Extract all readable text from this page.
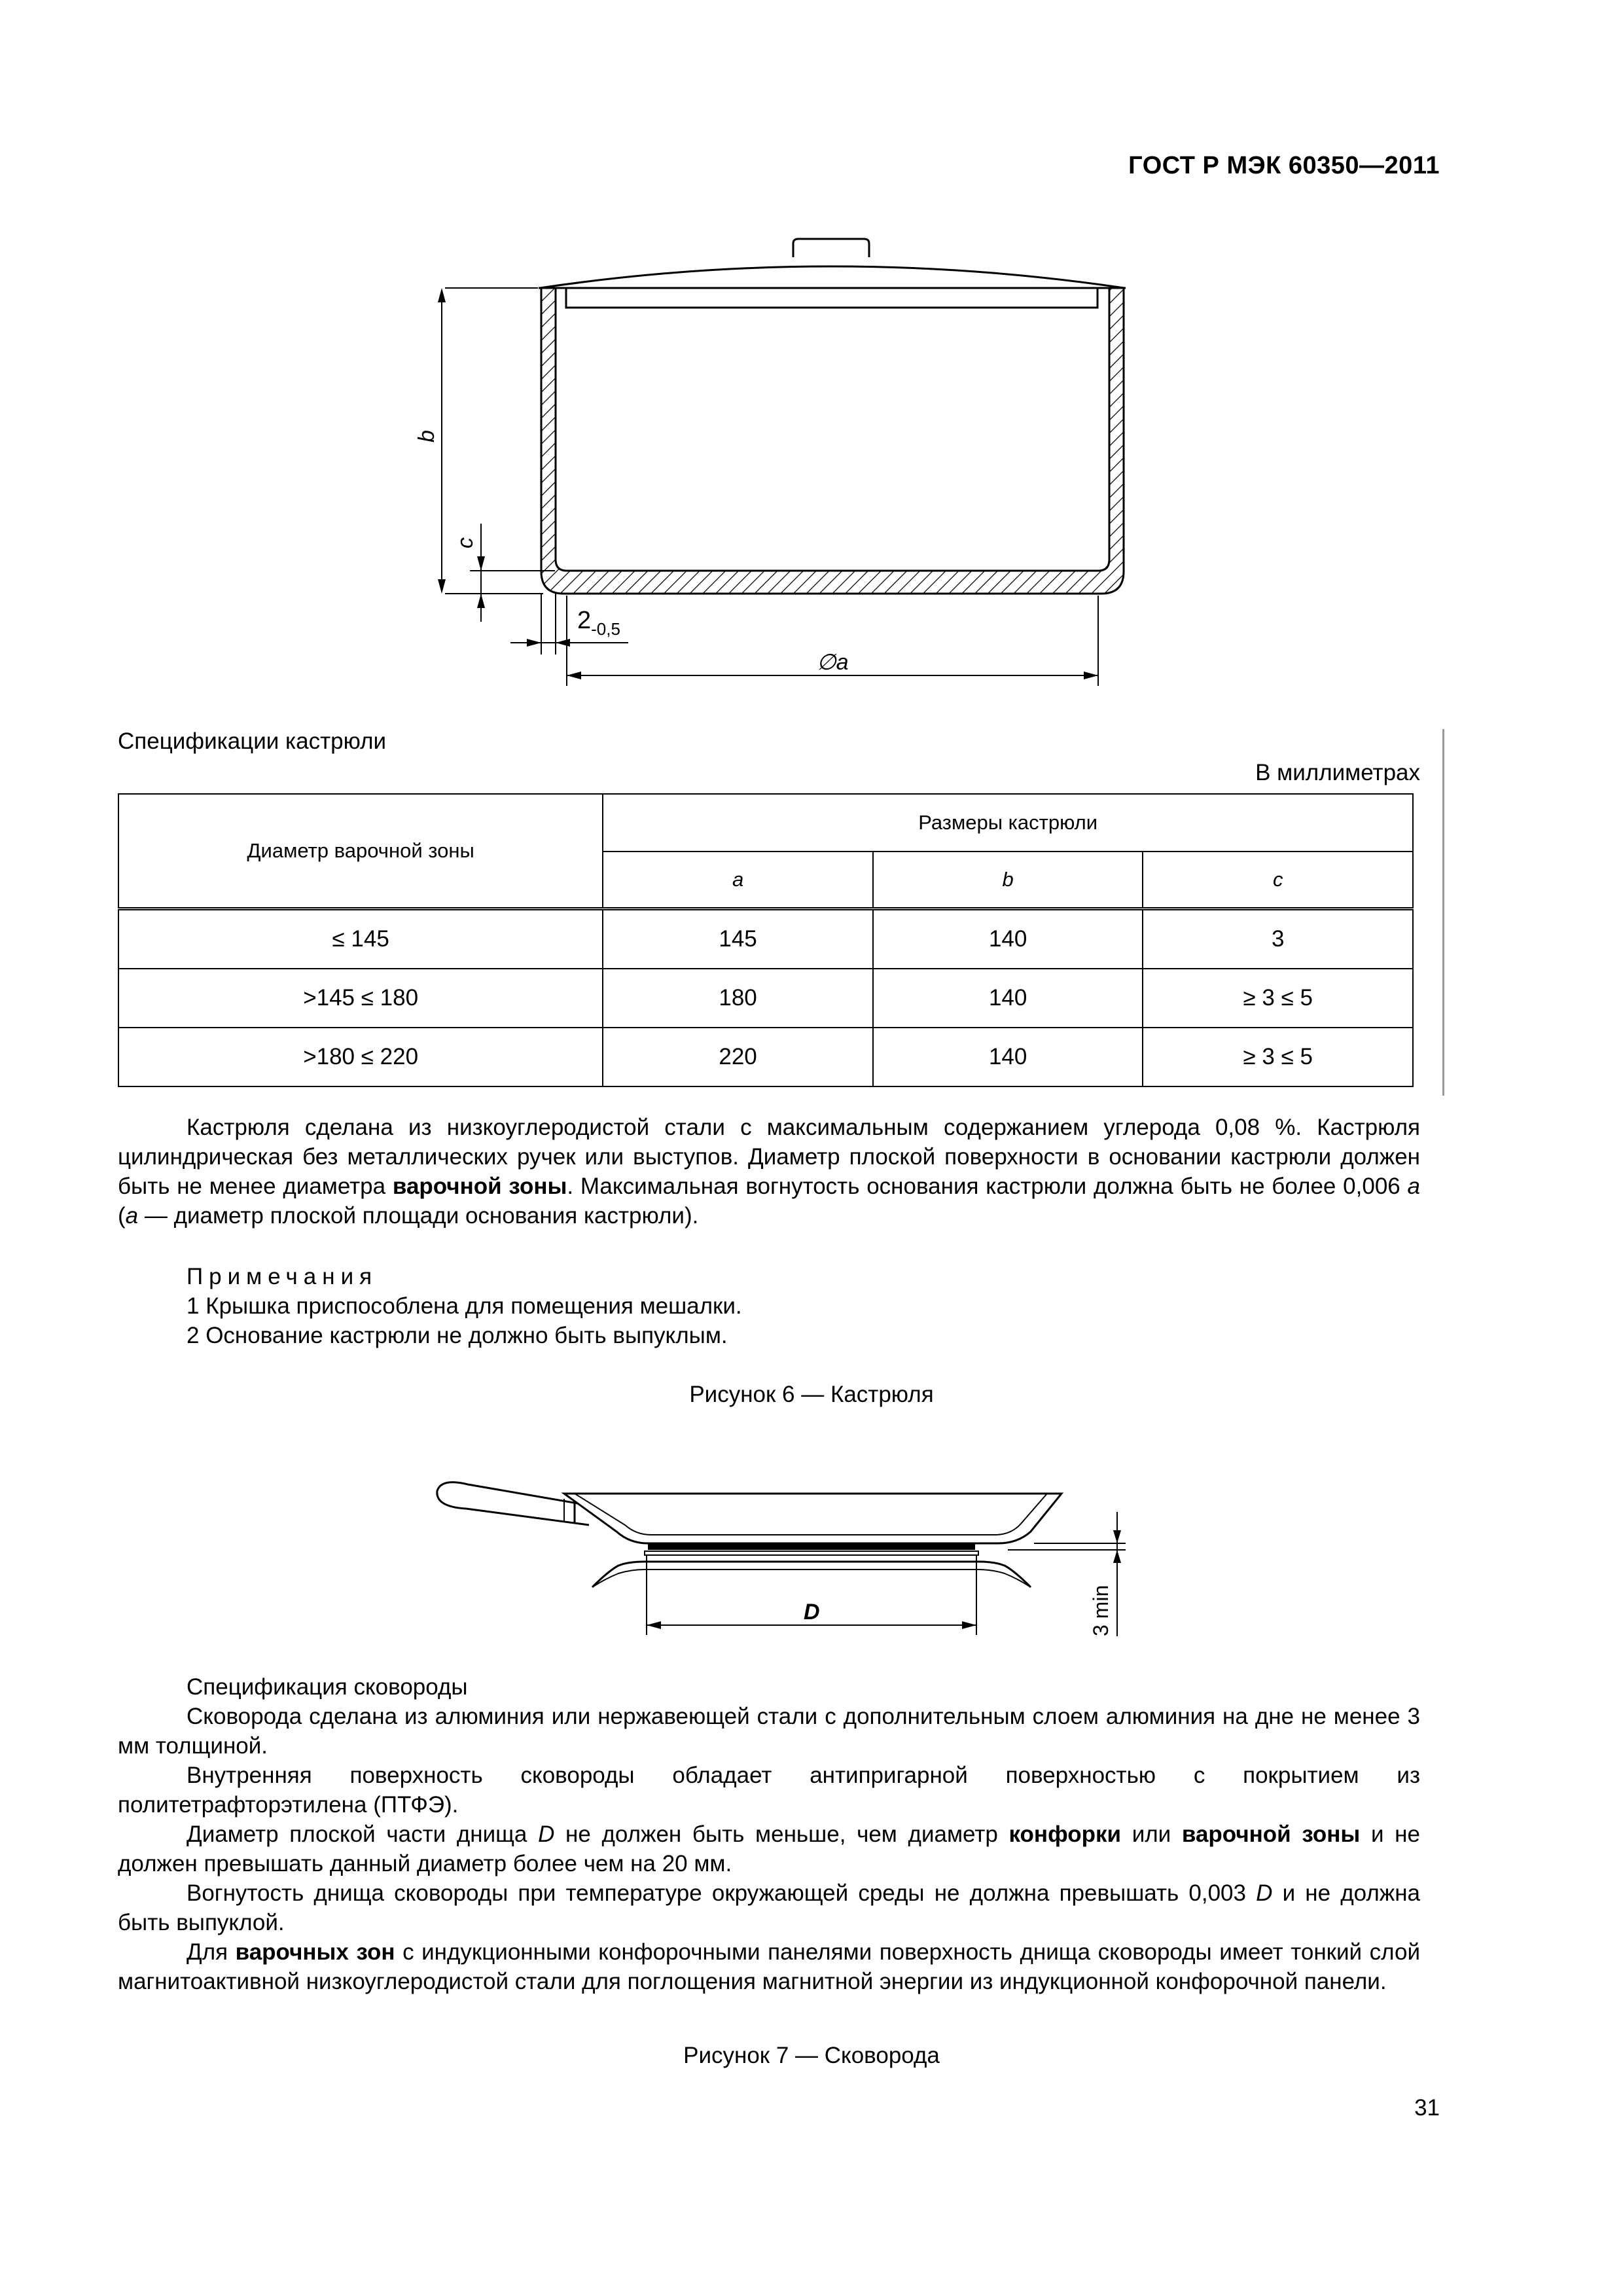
ГОСТ Р МЭК 60350—2011
b
c
$2_{-0,5}$
∅a
Спецификации кастрюли
В миллиметрах
Диаметр варочной зоны	Размеры кастрюли		
	a	b	c
≤ 145	145	140	3
>145 ≤ 180	180	140	≥ 3 ≤ 5
>180 ≤ 220	220	140	≥ 3 ≤ 5
Кастрюля сделана из низкоуглеродистой стали с максимальным содержанием углерода 0,08 %. Кастрюля цилиндрическая без металлических ручек или выступов. Диаметр плоской поверхности в основании кастрюли должен быть не менее диаметра варочной зоны. Максимальная вогнутость основания кастрюли должна быть не более 0,006 a (a — диаметр плоской площади основания кастрюли).
Примечания
1 Крышка приспособлена для помещения мешалки.
2 Основание кастрюли не должно быть выпуклым.
Рисунок 6 — Кастрюля
D	3 min
Спецификация сковороды
Сковорода сделана из алюминия или нержавеющей стали с дополнительным слоем алюминия на дне не менее 3 мм толщиной.
Внутренняя поверхность сковороды обладает антипригарной поверхностью с покрытием из политетрафторэтилена (ПТФЭ).
Диаметр плоской части днища D не должен быть меньше, чем диаметр конфорки или варочной зоны и не должен превышать данный диаметр более чем на 20 мм.
Вогнутость днища сковороды при температуре окружающей среды не должна превышать 0,003 D и не должна быть выпуклой.
Для варочных зон с индукционными конфорочными панелями поверхность днища сковороды имеет тонкий слой магнитоактивной низкоуглеродистой стали для поглощения магнитной энергии из индукционной конфорочной панели.
Рисунок 7 — Сковорода
31
